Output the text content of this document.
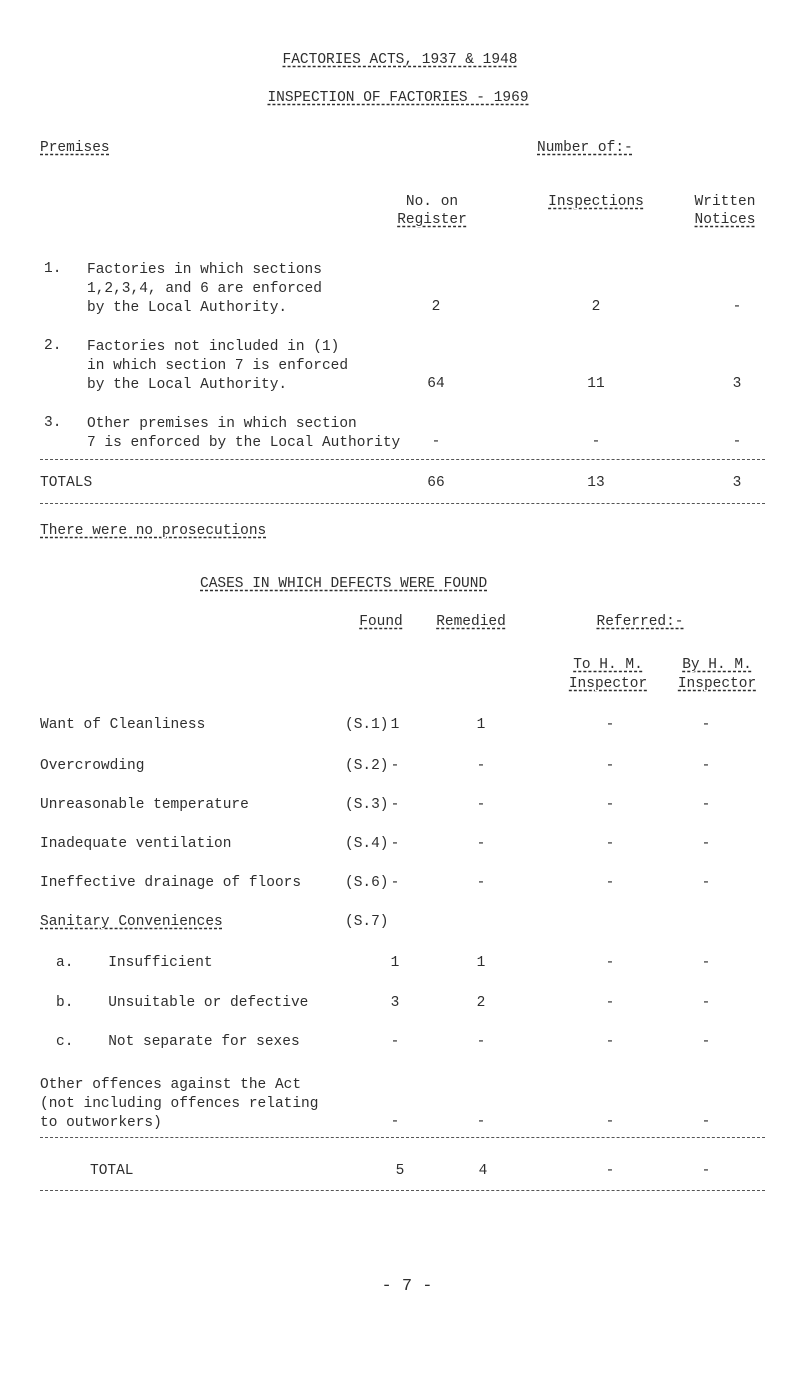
FACTORIES ACTS, 1937 & 1948
INSPECTION OF FACTORIES - 1969
Premises	Number of:-
No. on
Register
Inspections	Written
Notices
1. Factories in which sections
1,2,3,4, and 6 are enforced
by the Local Authority.	2	2	-
2. Factories not included in (1)
in which section 7 is enforced
by the Local Authority.	64	11	3
3. Other premises in which section
7 is enforced by the Local Authority -	-	-
TOTALS	66	13	3
There were no prosecutions
CASES IN WHICH DEFECTS WERE FOUND
Found Remedied	Referred:-
To H. M.
Inspector
By H. M.
Inspector
Want of Cleanliness	(S.1) 1	1	-	-
Overcrowding	(S.2) -	-	-	-
Unreasonable temperature	(S.3) -	-	-	-
Inadequate ventilation	(S.4) -	-	-	-
Ineffective drainage of floors	(S.6) -	-	-	-
Sanitary Conveniences	(S.7)
a.    Insufficient	1	1	-	-
b.    Unsuitable or defective	3	2	-	-
c.    Not separate for sexes	-	-	-	-
Other offences against the Act
(not including offences relating
to outworkers)	-	-	-	-
TOTAL	5	4	-	-
- 7 -
